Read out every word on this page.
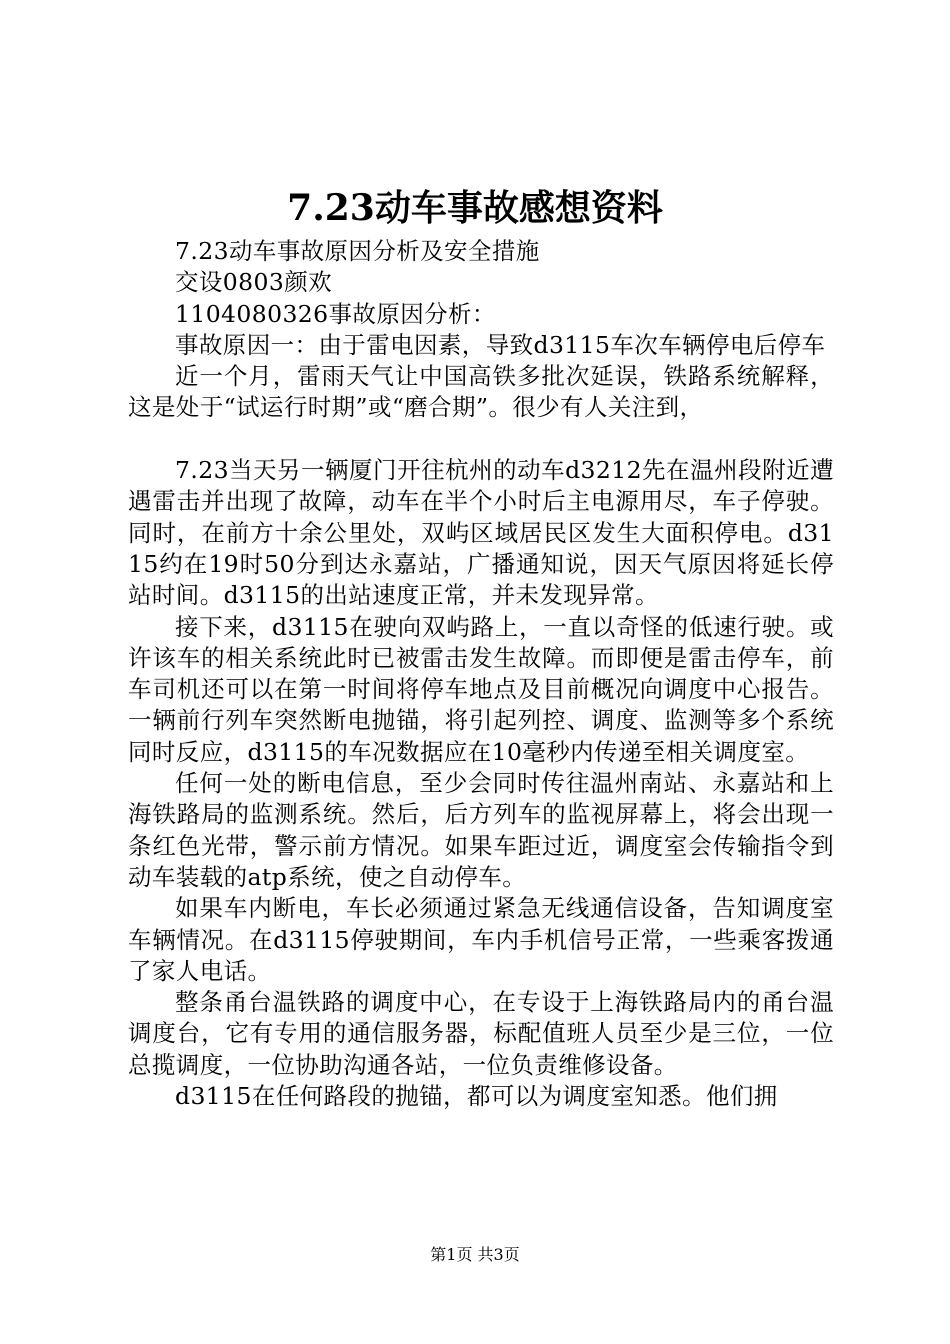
7.23动车事故感想资料

7.23动车事故原因分析及安全措施

交设0803颜欢

1104080326事故原因分析：

事故原因一：由于雷电因素，导致d3115车次车辆停电后停车

近一个月，雷雨天气让中国高铁多批次延误，铁路系统解释，这是处于“试运行时期”或“磨合期”。很少有人关注到，

7.23当天另一辆厦门开往杭州的动车d3212先在温州段附近遭遇雷击并出现了故障，动车在半个小时后主电源用尽，车子停驶。同时，在前方十余公里处，双屿区域居民区发生大面积停电。d3115约在19时50分到达永嘉站，广播通知说，因天气原因将延长停站时间。d3115的出站速度正常，并未发现异常。

接下来，d3115在驶向双屿路上，一直以奇怪的低速行驶。或许该车的相关系统此时已被雷击发生故障。而即便是雷击停车，前车司机还可以在第一时间将停车地点及目前概况向调度中心报告。一辆前行列车突然断电抛锚，将引起列控、调度、监测等多个系统同时反应，d3115的车况数据应在10毫秒内传递至相关调度室。

任何一处的断电信息，至少会同时传往温州南站、永嘉站和上海铁路局的监测系统。然后，后方列车的监视屏幕上，将会出现一条红色光带，警示前方情况。如果车距过近，调度室会传输指令到动车装载的atp系统，使之自动停车。

如果车内断电，车长必须通过紧急无线通信设备，告知调度室车辆情况。在d3115停驶期间，车内手机信号正常，一些乘客拨通了家人电话。

整条甬台温铁路的调度中心，在专设于上海铁路局内的甬台温调度台，它有专用的通信服务器，标配值班人员至少是三位，一位总揽调度，一位协助沟通各站，一位负责维修设备。

d3115在任何路段的抛锚，都可以为调度室知悉。他们拥

第1页 共3页
